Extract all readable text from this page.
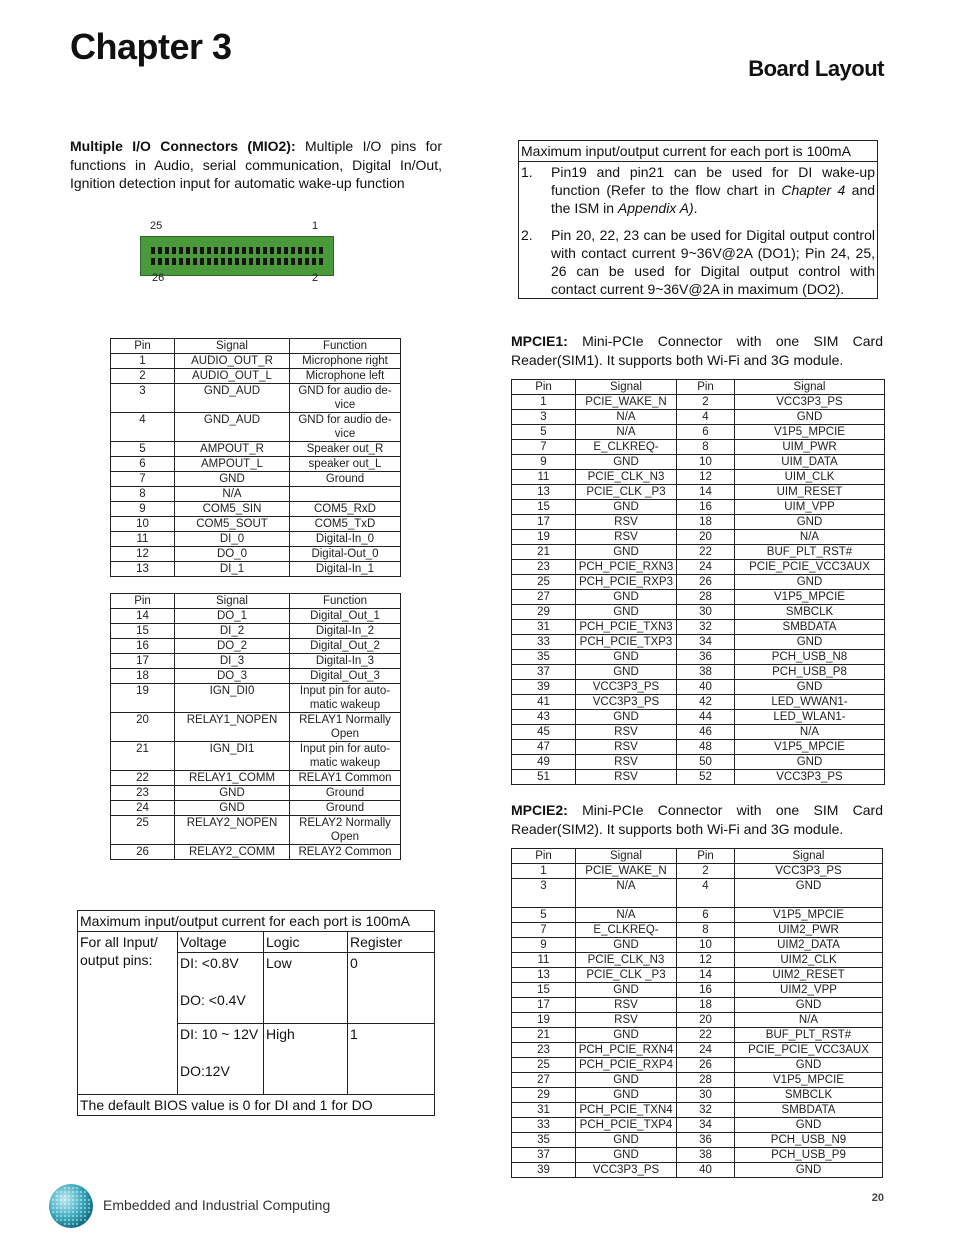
Chapter 3
Board Layout

Multiple I/O Connectors (MIO2): Multiple I/O pins for functions in Audio, serial communication, Digital In/Out, Ignition detection input for automatic wake-up function

25	1
26	2
Pin	Signal	Function
1	AUDIO_OUT_R	Microphone right
2	AUDIO_OUT_L	Microphone left
3	GND_AUD	GND for audio de-vice
4	GND_AUD	GND for audio de-vice
5	AMPOUT_R	Speaker out_R
6	AMPOUT_L	speaker out_L
7	GND	Ground
8	N/A	
9	COM5_SIN	COM5_RxD
10	COM5_SOUT	COM5_TxD
11	DI_0	Digital-In_0
12	DO_0	Digital-Out_0
13	DI_1	Digital-In_1
Pin	Signal	Function
14	DO_1	Digital_Out_1
15	DI_2	Digital-In_2
16	DO_2	Digital_Out_2
17	DI_3	Digital-In_3
18	DO_3	Digital_Out_3
19	IGN_DI0	Input pin for auto-matic wakeup
20	RELAY1_NOPEN	RELAY1 Normally Open
21	IGN_DI1	Input pin for auto-matic wakeup
22	RELAY1_COMM	RELAY1 Common
23	GND	Ground
24	GND	Ground
25	RELAY2_NOPEN	RELAY2 Normally Open
26	RELAY2_COMM	RELAY2 Common
Maximum input/output current for each port is 100mA			
For all Input/ output pins:	Voltage	Logic	Register

	DI: <0.8V
DO: <0.4V	Low	0

	DI: 10 ~ 12V
DO:12V	High	1
The default BIOS value is 0 for DI and 1 for DO			
Maximum input/output current for each port is 100mA
1.	Pin19 and pin21 can be used for DI wake-up function (Refer to the flow chart in Chapter 4 and the ISM in Appendix A).
2.	Pin 20, 22, 23 can be used for Digital output control with contact current 9~36V@2A (DO1); Pin 24, 25, 26 can be used for Digital output control with contact current 9~36V@2A in maximum (DO2).

MPCIE1: Mini-PCIe Connector with one SIM Card Reader(SIM1). It supports both Wi-Fi and 3G module.

Pin	Signal	Pin	Signal
1	PCIE_WAKE_N	2	VCC3P3_PS
3	N/A	4	GND
5	N/A	6	V1P5_MPCIE
7	E_CLKREQ-	8	UIM_PWR
9	GND	10	UIM_DATA
11	PCIE_CLK_N3	12	UIM_CLK
13	PCIE_CLK _P3	14	UIM_RESET
15	GND	16	UIM_VPP
17	RSV	18	GND
19	RSV	20	N/A
21	GND	22	BUF_PLT_RST#
23	PCH_PCIE_RXN3	24	PCIE_PCIE_VCC3AUX
25	PCH_PCIE_RXP3	26	GND
27	GND	28	V1P5_MPCIE
29	GND	30	SMBCLK
31	PCH_PCIE_TXN3	32	SMBDATA
33	PCH_PCIE_TXP3	34	GND
35	GND	36	PCH_USB_N8
37	GND	38	PCH_USB_P8
39	VCC3P3_PS	40	GND
41	VCC3P3_PS	42	LED_WWAN1-
43	GND	44	LED_WLAN1-
45	RSV	46	N/A
47	RSV	48	V1P5_MPCIE
49	RSV	50	GND
51	RSV	52	VCC3P3_PS

MPCIE2: Mini-PCIe Connector with one SIM Card Reader(SIM2). It supports both Wi-Fi and 3G module.

Pin	Signal	Pin	Signal
1	PCIE_WAKE_N	2	VCC3P3_PS
3	N/A	4	GND
5	N/A	6	V1P5_MPCIE
7	E_CLKREQ-	8	UIM2_PWR
9	GND	10	UIM2_DATA
11	PCIE_CLK_N3	12	UIM2_CLK
13	PCIE_CLK _P3	14	UIM2_RESET
15	GND	16	UIM2_VPP
17	RSV	18	GND
19	RSV	20	N/A
21	GND	22	BUF_PLT_RST#
23	PCH_PCIE_RXN4	24	PCIE_PCIE_VCC3AUX
25	PCH_PCIE_RXP4	26	GND
27	GND	28	V1P5_MPCIE
29	GND	30	SMBCLK
31	PCH_PCIE_TXN4	32	SMBDATA
33	PCH_PCIE_TXP4	34	GND
35	GND	36	PCH_USB_N9
37	GND	38	PCH_USB_P9
39	VCC3P3_PS	40	GND
Embedded and Industrial Computing	20
